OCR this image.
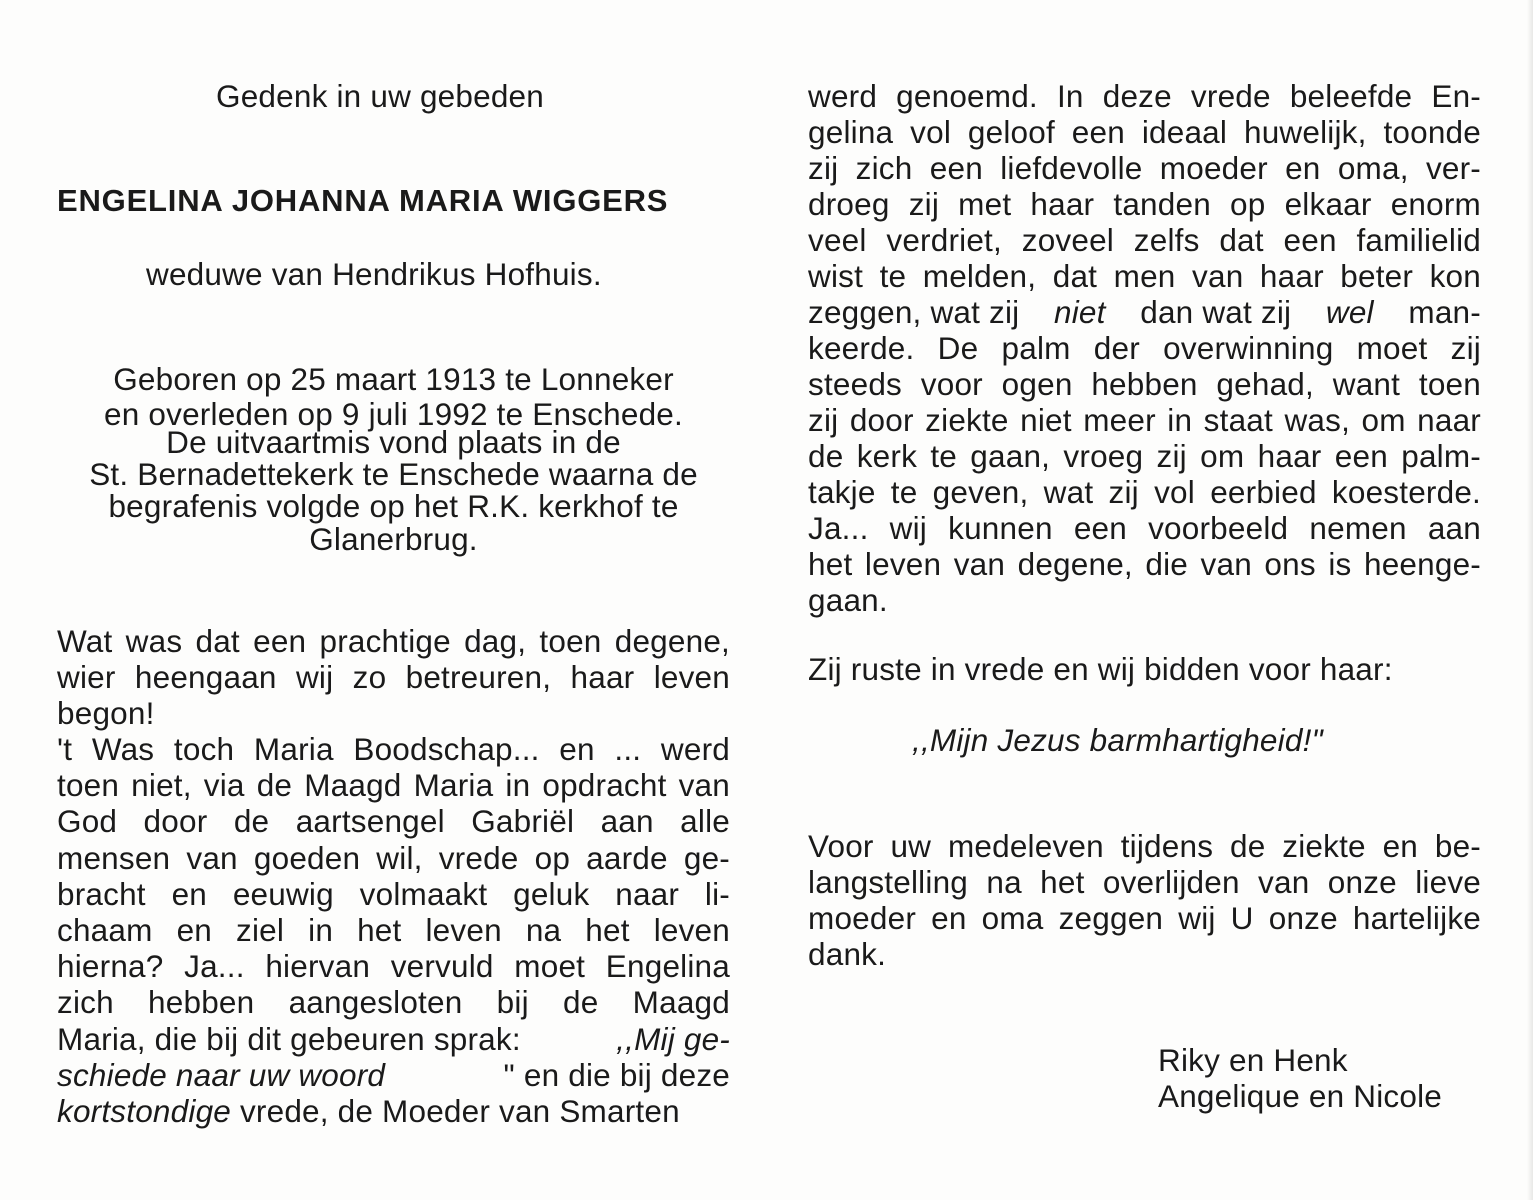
Gedenk in uw gebeden
ENGELINA JOHANNA MARIA WIGGERS
weduwe van Hendrikus Hofhuis.
Geboren op 25 maart 1913 te Lonneker
en overleden op 9 juli 1992 te Enschede.
De uitvaartmis vond plaats in de
St. Bernadettekerk te Enschede waarna de
begrafenis volgde op het R.K. kerkhof te
Glanerbrug.
Wat was dat een prachtige dag, toen degene,
wier heengaan wij zo betreuren, haar leven
begon!
't Was toch Maria Boodschap... en ... werd
toen niet, via de Maagd Maria in opdracht van
God door de aartsengel Gabriël aan alle
mensen van goeden wil, vrede op aarde ge-
bracht en eeuwig volmaakt geluk naar li-
chaam en ziel in het leven na het leven
hierna? Ja... hiervan vervuld moet Engelina
zich hebben aangesloten bij de Maagd
Maria, die bij dit gebeuren sprak:	,,Mij ge-
schiede naar uw woord	" en die bij deze
kortstondige vrede, de Moeder van Smarten
werd genoemd. In deze vrede beleefde En-
gelina vol geloof een ideaal huwelijk, toonde
zij zich een liefdevolle moeder en oma, ver-
droeg zij met haar tanden op elkaar enorm
veel verdriet, zoveel zelfs dat een familielid
wist te melden, dat men van haar beter kon
zeggen, wat zij niet dan wat zij wel man-
keerde. De palm der overwinning moet zij
steeds voor ogen hebben gehad, want toen
zij door ziekte niet meer in staat was, om naar
de kerk te gaan, vroeg zij om haar een palm-
takje te geven, wat zij vol eerbied koesterde.
Ja... wij kunnen een voorbeeld nemen aan
het leven van degene, die van ons is heenge-
gaan.
Zij ruste in vrede en wij bidden voor haar:
,,Mijn Jezus barmhartigheid!"
Voor uw medeleven tijdens de ziekte en be-
langstelling na het overlijden van onze lieve
moeder en oma zeggen wij U onze hartelijke
dank.
Riky en Henk
Angelique en Nicole
